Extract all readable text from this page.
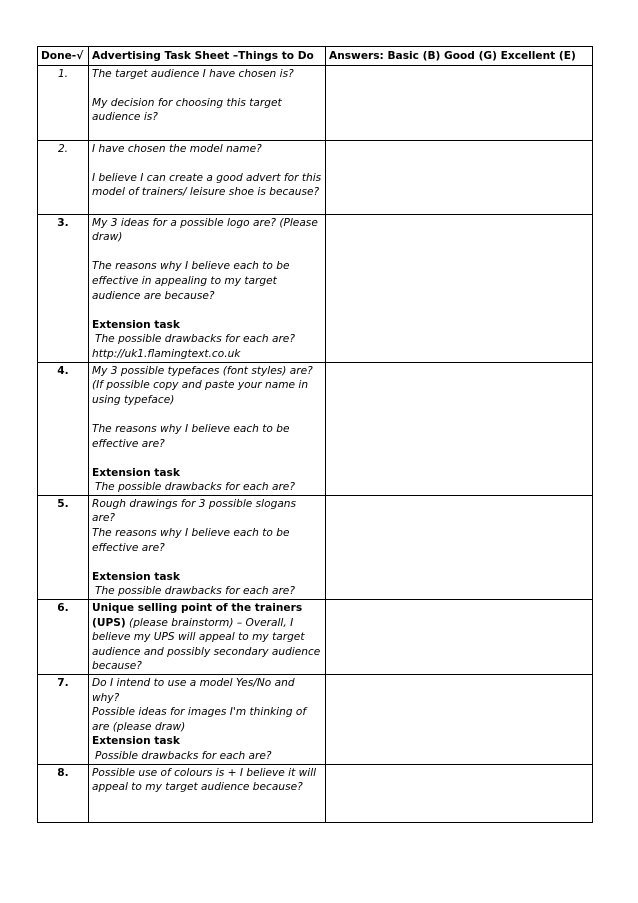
Done-√	Advertising Task Sheet –Things to Do	Answers: Basic (B) Good (G) Excellent (E)
1.	The target audience I have chosen is?
My decision for choosing this target audience is?	

2.	I have chosen the model name?
I believe I can create a good advert for this model of trainers/ leisure shoe is because?	

3.	My 3 ideas for a possible logo are? (Please draw)
The reasons why I believe each to be effective in appealing to my target audience are because?
Extension task
The possible drawbacks for each are?
http://uk1.flamingtext.co.uk	

4.	My 3 possible typefaces (font styles) are? (If possible copy and paste your name in using typeface)
The reasons why I believe each to be effective are?
Extension task
The possible drawbacks for each are?	

5.	Rough drawings for 3 possible slogans are?
The reasons why I believe each to be effective are?
Extension task
The possible drawbacks for each are?	

6.	Unique selling point of the trainers (UPS) (please brainstorm) – Overall, I believe my UPS will appeal to my target audience and possibly secondary audience because?	
7.	Do I intend to use a model Yes/No and why?
Possible ideas for images I'm thinking of are (please draw)
Extension task
Possible drawbacks for each are?	

8.	Possible use of colours is + I believe it will appeal to my target audience because?	
